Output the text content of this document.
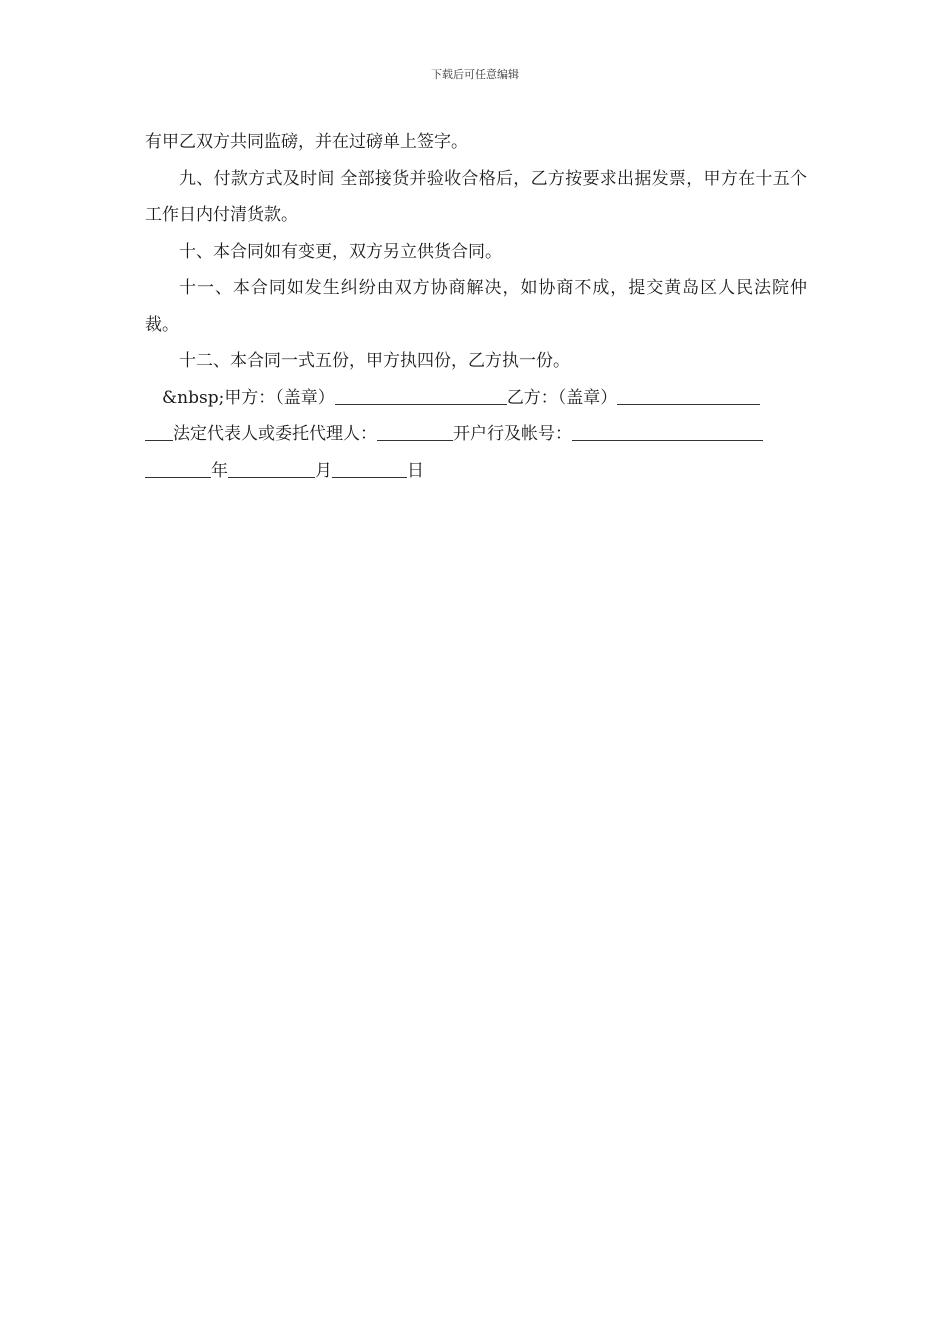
下载后可任意编辑

有甲乙双方共同监磅，并在过磅单上签字。

九、付款方式及时间 全部接货并验收合格后，乙方按要求出据发票，甲方在十五个工作日内付清货款。

十、本合同如有变更，双方另立供货合同。

十一、本合同如发生纠纷由双方协商解决，如协商不成，提交黄岛区人民法院仲裁。

十二、本合同一式五份，甲方执四份，乙方执一份。

&nbsp;甲方：（盖章）	乙方：（盖章）
法定代表人或委托代理人：	开户行及帐号：
年	月	日
